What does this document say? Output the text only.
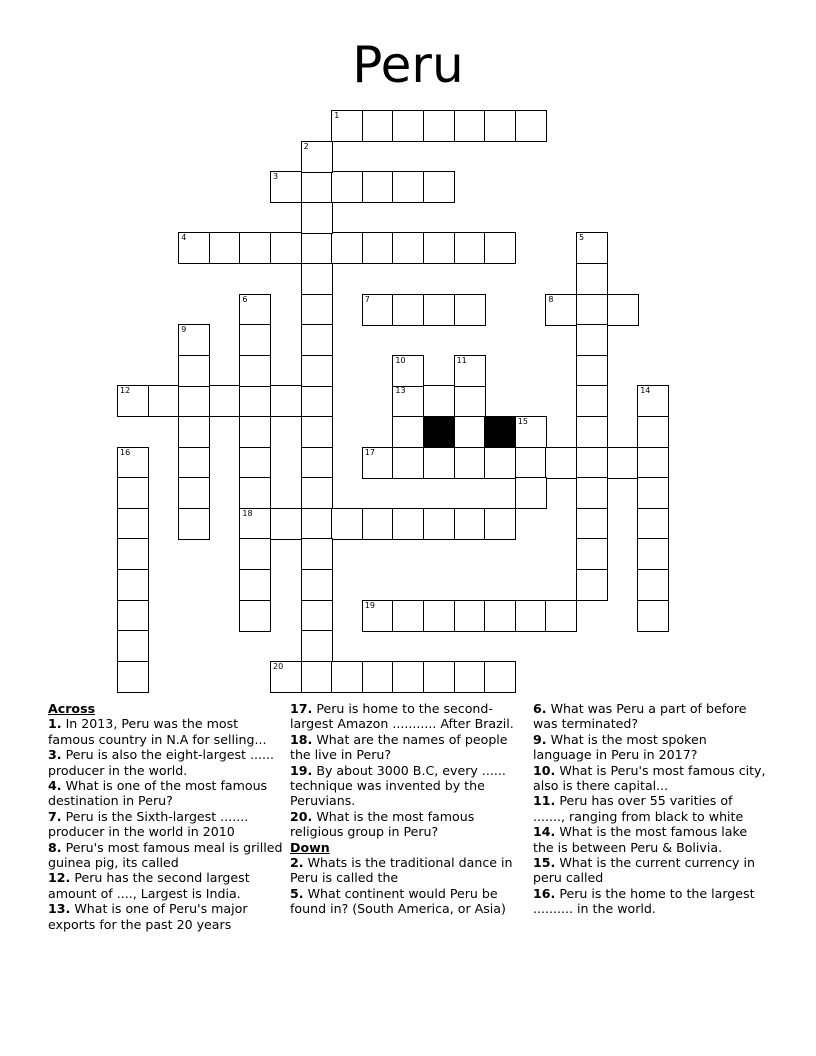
Peru
1
3
4
7	8
12	13
17
18
19
20
2
5
6
9
10	11
14
15
16
Across
1. In 2013, Peru was the most famous country in N.A for selling...
3. Peru is also the eight-largest ...... producer in the world.
4. What is one of the most famous destination in Peru?
7. Peru is the Sixth-largest ....... producer in the world in 2010
8. Peru's most famous meal is grilled guinea pig, its called
12. Peru has the second largest amount of ...., Largest is India.
13. What is one of Peru's major exports for the past 20 years
17. Peru is home to the second-largest Amazon ........... After Brazil.
18. What are the names of people the live in Peru?
19. By about 3000 B.C, every ...... technique was invented by the Peruvians.
20. What is the most famous religious group in Peru?
Down
2. Whats is the traditional dance in Peru is called the
5. What continent would Peru be found in? (South America, or Asia)
6. What was Peru a part of before was terminated?
9. What is the most spoken language in Peru in 2017?
10. What is Peru's most famous city, also is there capital...
11. Peru has over 55 varities of ......., ranging from black to white
14. What is the most famous lake the is between Peru & Bolivia.
15. What is the current currency in peru called
16. Peru is the home to the largest .......... in the world.
